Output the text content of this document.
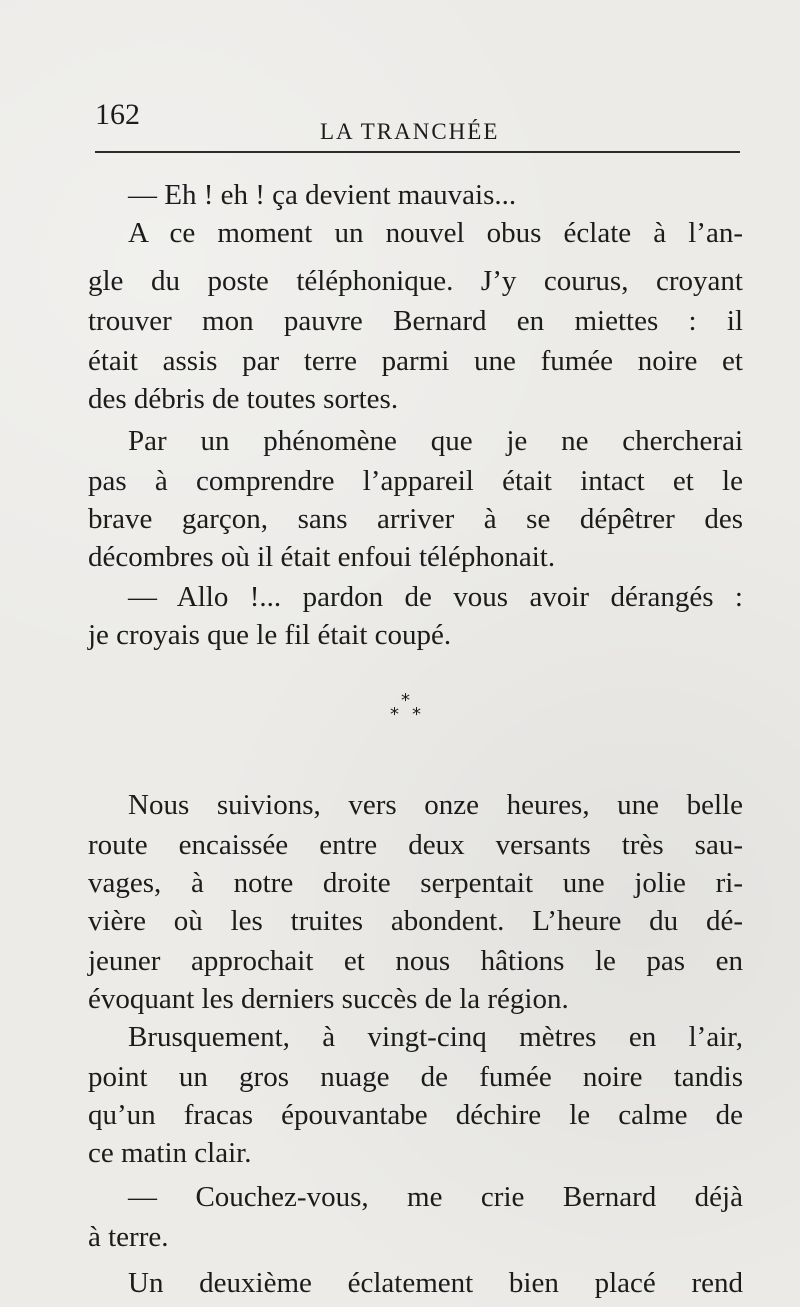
162
LA TRANCHÉE
— Eh ! eh ! ça devient mauvais...
A ce moment un nouvel obus éclate à l’an-
gle du poste téléphonique. J’y courus, croyant
trouver mon pauvre Bernard en miettes : il
était assis par terre parmi une fumée noire et
des débris de toutes sortes.
Par un phénomène que je ne chercherai
pas à comprendre l’appareil était intact et le
brave garçon, sans arriver à se dépêtrer des
décombres où il était enfoui téléphonait.
— Allo !... pardon de vous avoir dérangés :
je croyais que le fil était coupé.
*
* *
Nous suivions, vers onze heures, une belle
route encaissée entre deux versants très sau-
vages, à notre droite serpentait une jolie ri-
vière où les truites abondent. L’heure du dé-
jeuner approchait et nous hâtions le pas en
évoquant les derniers succès de la région.
Brusquement, à vingt-cinq mètres en l’air,
point un gros nuage de fumée noire tandis
qu’un fracas épouvantabe déchire le calme de
ce matin clair.
— Couchez-vous, me crie Bernard déjà
à terre.
Un deuxième éclatement bien placé rend
